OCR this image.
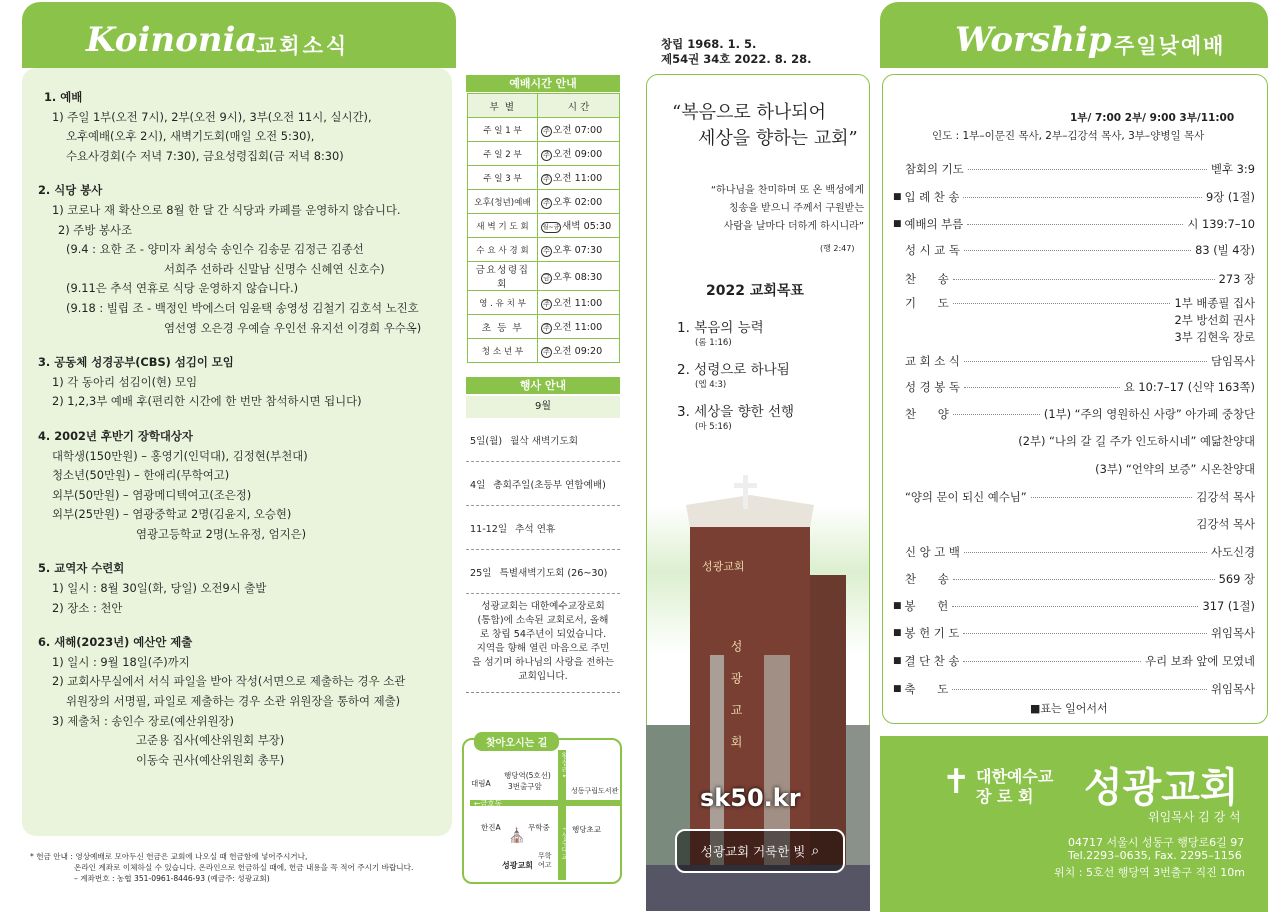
Koinonia
교회소식
1. 예배
1) 주일 1부(오전 7시), 2부(오전 9시), 3부(오전 11시, 실시간),
오후예배(오후 2시), 새벽기도회(매일 오전 5:30),
수요사경회(수 저녁 7:30), 금요성령집회(금 저녁 8:30)
2. 식당 봉사
1) 코로나 재 확산으로 8월 한 달 간 식당과 카페를 운영하지 않습니다.
2) 주방 봉사조
(9.4 : 요한 조 - 양미자 최성숙 송인수 김송문 김정근 김종선
서희주 선하라 신말남 신명수 신혜연 신호수)
(9.11은 추석 연휴로 식당 운영하지 않습니다.)
(9.18 : 빌립 조 - 백정인 박에스더 임윤택 송영성 김철기 김호석 노진호
염선영 오은경 우예슬 우인선 유지선 이경희 우수옥)
3. 공동체 성경공부(CBS) 섬김이 모임
1) 각 동아리 섬김이(현) 모임
2) 1,2,3부 예배 후(편리한 시간에 한 번만 참석하시면 됩니다)
4. 2002년 후반기 장학대상자
대학생(150만원) – 홍영기(인덕대), 김정현(부천대)
청소년(50만원) – 한애리(무학여고)
외부(50만원) – 염광메디텍여고(조은정)
외부(25만원) – 염광중학교 2명(김윤지, 오승현)
염광고등학교 2명(노유정, 엄지은)
5. 교역자 수련회
1) 일시 : 8월 30일(화, 당일) 오전9시 출발
2) 장소 : 천안
6. 새해(2023년) 예산안 제출
1) 일시 : 9월 18일(주)까지
2) 교회사무실에서 서식 파일을 받아 작성(서면으로 제출하는 경우 소관
위원장의 서명필, 파일로 제출하는 경우 소관 위원장을 통하여 제출)
3) 제출처 : 송인수 장로(예산위원장)
고준용 집사(예산위원회 부장)
이동숙 권사(예산위원회 총무)
* 헌금 안내 : 영상예배로 모아두신 헌금은 교회에 나오실 때 헌금함에 넣어주시거나,
온라인 계좌로 이체하실 수 있습니다. 온라인으로 헌금하실 때에, 헌금 내용을 꼭 적어 주시기 바랍니다.
– 계좌번호 : 농협 351-0961-8446-93 (예금주: 성광교회)
예배시간 안내
부 별	시 간
주 일 1 부	주 오전 07:00
주 일 2 부	주 오전 09:00
주 일 3 부	주 오전 11:00
오후(청년)예배	주 오후 02:00
새 벽 기 도 회	월~금 새벽 05:30
수 요 사 경 회	수 오후 07:30
금요성령집회	금 오후 08:30
영 . 유 치 부	주 오전 11:00
초 등 부	주 오전 11:00
청 소 년 부	주 오전 09:20
행사 안내
9월
5일(월) 월삭 새벽기도회
4일 총회주일(초등부 연합예배)
11-12일 추석 연휴
25일 특별새벽기도회 (26~30)
성광교회는 대한예수교장로회
(통합)에 소속된 교회로서, 올해
로 창립 54주년이 되었습니다.
지역을 향해 열린 마음으로 주민
을 섬기며 하나님의 사랑을 전하는
교회입니다.
찾아오시는 길
대림A
행당역(5호선)
3번출구앞	성동구립도서관
←금호동
한진A	무학중	행당초교
⛪
성광교회
무학여고
왕십리↓
↑성수대교
창립 1968. 1. 5.
제54권 34호 2022. 8. 28.
“복음으로 하나되어
세상을 향하는 교회”
“하나님을 찬미하며 또 온 백성에게
칭송을 받으니 주께서 구원받는
사람을 날마다 더하게 하시니라”
(행 2:47)
2022 교회목표
1. 복음의 능력
(롬 1:16)
2. 성령으로 하나됨
(엡 4:3)
3. 세상을 향한 선행
(마 5:16)
성 광 교 회
성광교회
sk50.kr
성광교회 거룩한 빛 ⌕
Worship 주일낮예배
1부/ 7:00 2부/ 9:00 3부/11:00
인도 : 1부–이문진 목사, 2부–김강석 목사, 3부–양병일 목사
참회의 기도	벧후 3:9
■ 입 례 찬 송	9장 (1절)
■ 예배의 부름	시 139:7–10
성 시 교 독	83 (빌 4장)
찬      송	273 장
기      도	1부 배종필 집사
2부 방선희 권사
3부 김현욱 장로
교 회 소 식	담임목사
성 경 봉 독	요 10:7–17 (신약 163쪽)
찬      양	(1부) “주의 영원하신 사랑” 아가페 중창단
(2부) “나의 갈 길 주가 인도하시네” 예닮찬양대
(3부) “언약의 보증” 시온찬양대
“양의 문이 되신 예수님”	김강석 목사
김강석 목사
신 앙 고 백	사도신경
찬      송	569 장
■ 봉      헌	317 (1절)
■ 봉 헌 기 도	위임목사
■ 결 단 찬 송	우리 보좌 앞에 모였네
■ 축      도	위임목사
■표는 일어서서
✝ 대한예수교
장 로 회 성광교회
위임목사 김 강 석
04717 서울시 성동구 행당로6길 97
Tel.2293–0635, Fax. 2295–1156
위치 : 5호선 행당역 3번출구 직진 10m
